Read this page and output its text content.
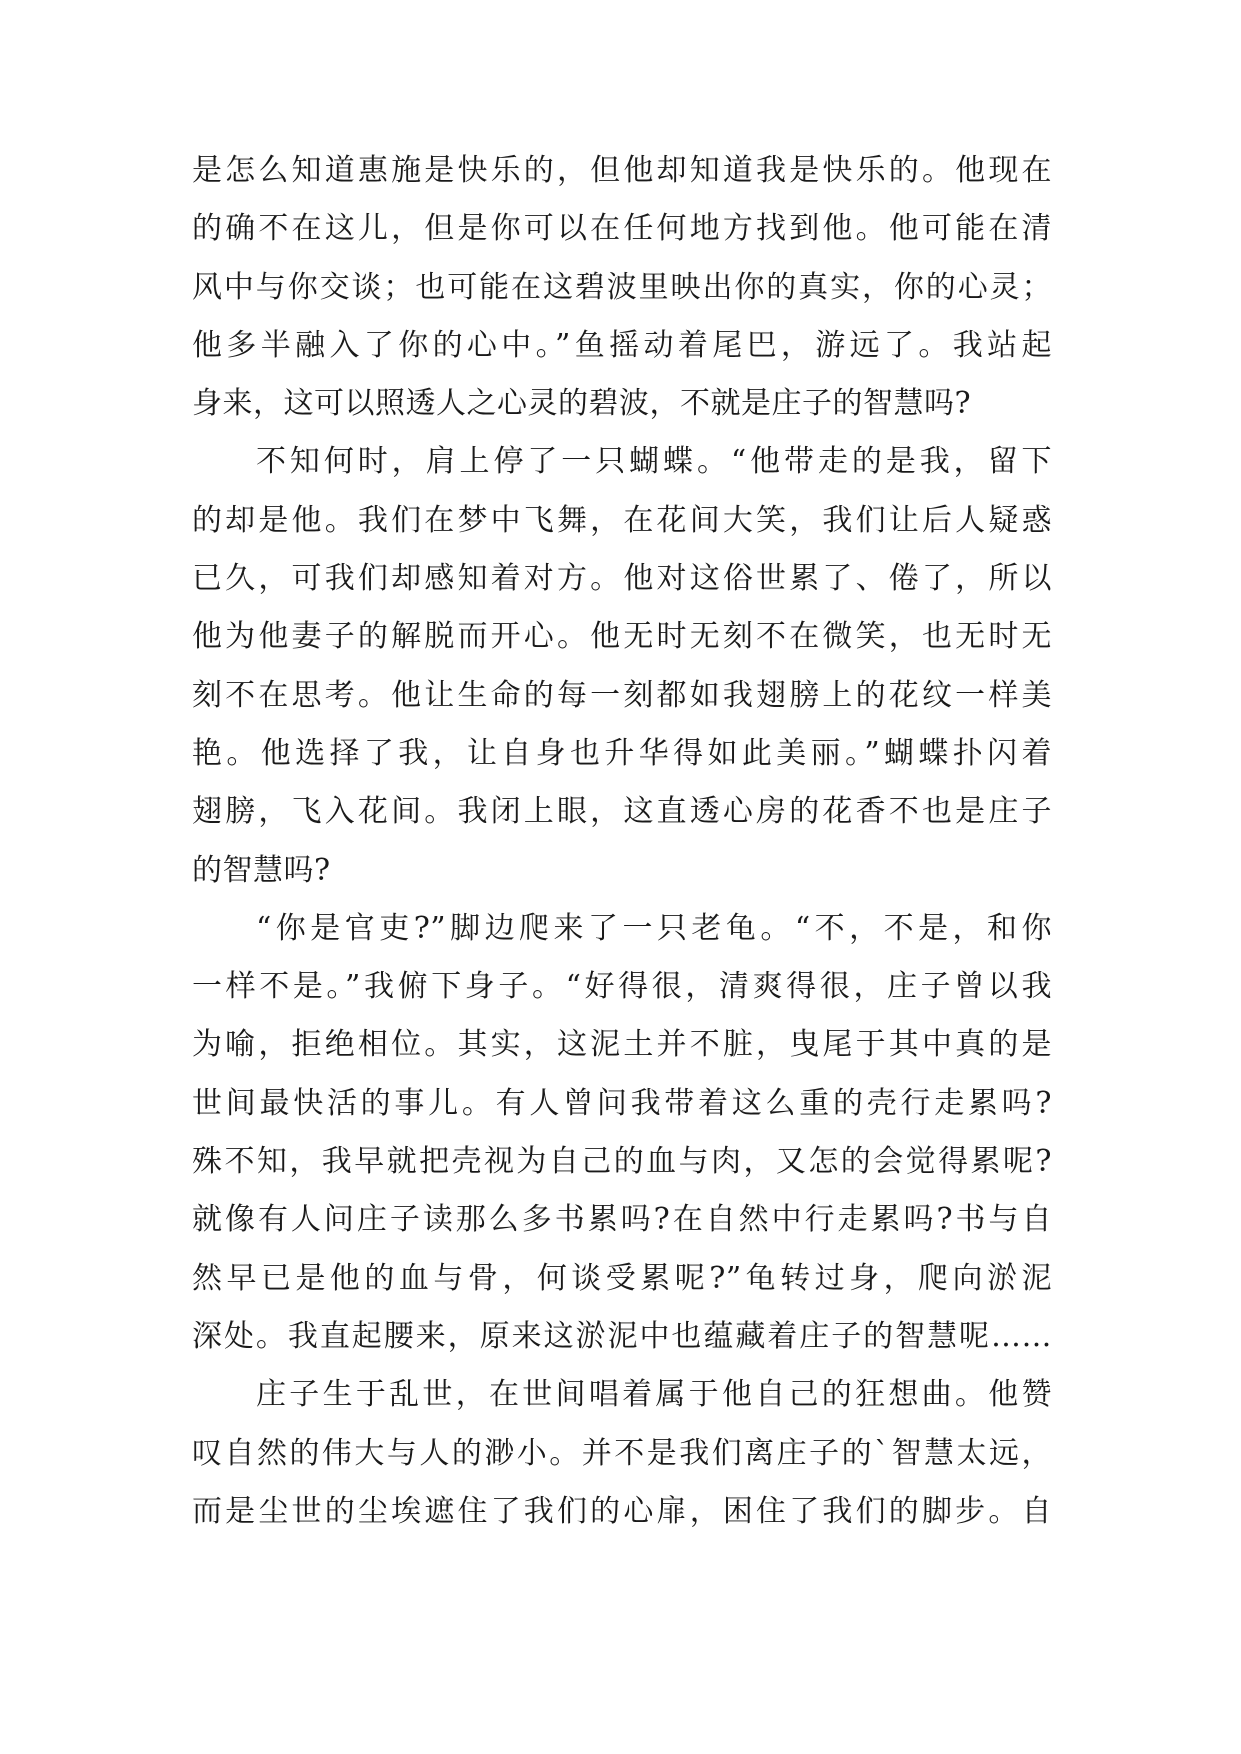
是怎么知道惠施是快乐的，但他却知道我是快乐的。他现在
的确不在这儿，但是你可以在任何地方找到他。他可能在清
风中与你交谈；也可能在这碧波里映出你的真实，你的心灵；
他多半融入了你的心中。”鱼摇动着尾巴，游远了。我站起
身来，这可以照透人之心灵的碧波，不就是庄子的智慧吗?
不知何时，肩上停了一只蝴蝶。“他带走的是我，留下
的却是他。我们在梦中飞舞，在花间大笑，我们让后人疑惑
已久，可我们却感知着对方。他对这俗世累了、倦了，所以
他为他妻子的解脱而开心。他无时无刻不在微笑，也无时无
刻不在思考。他让生命的每一刻都如我翅膀上的花纹一样美
艳。他选择了我，让自身也升华得如此美丽。”蝴蝶扑闪着
翅膀，飞入花间。我闭上眼，这直透心房的花香不也是庄子
的智慧吗?
“你是官吏?”脚边爬来了一只老龟。“不，不是，和你
一样不是。”我俯下身子。“好得很，清爽得很，庄子曾以我
为喻，拒绝相位。其实，这泥土并不脏，曳尾于其中真的是
世间最快活的事儿。有人曾问我带着这么重的壳行走累吗?
殊不知，我早就把壳视为自己的血与肉，又怎的会觉得累呢?
就像有人问庄子读那么多书累吗?在自然中行走累吗?书与自
然早已是他的血与骨，何谈受累呢?”龟转过身，爬向淤泥
深处。我直起腰来，原来这淤泥中也蕴藏着庄子的智慧呢……
庄子生于乱世，在世间唱着属于他自己的狂想曲。他赞
叹自然的伟大与人的渺小。并不是我们离庄子的`智慧太远，
而是尘世的尘埃遮住了我们的心扉，困住了我们的脚步。自
